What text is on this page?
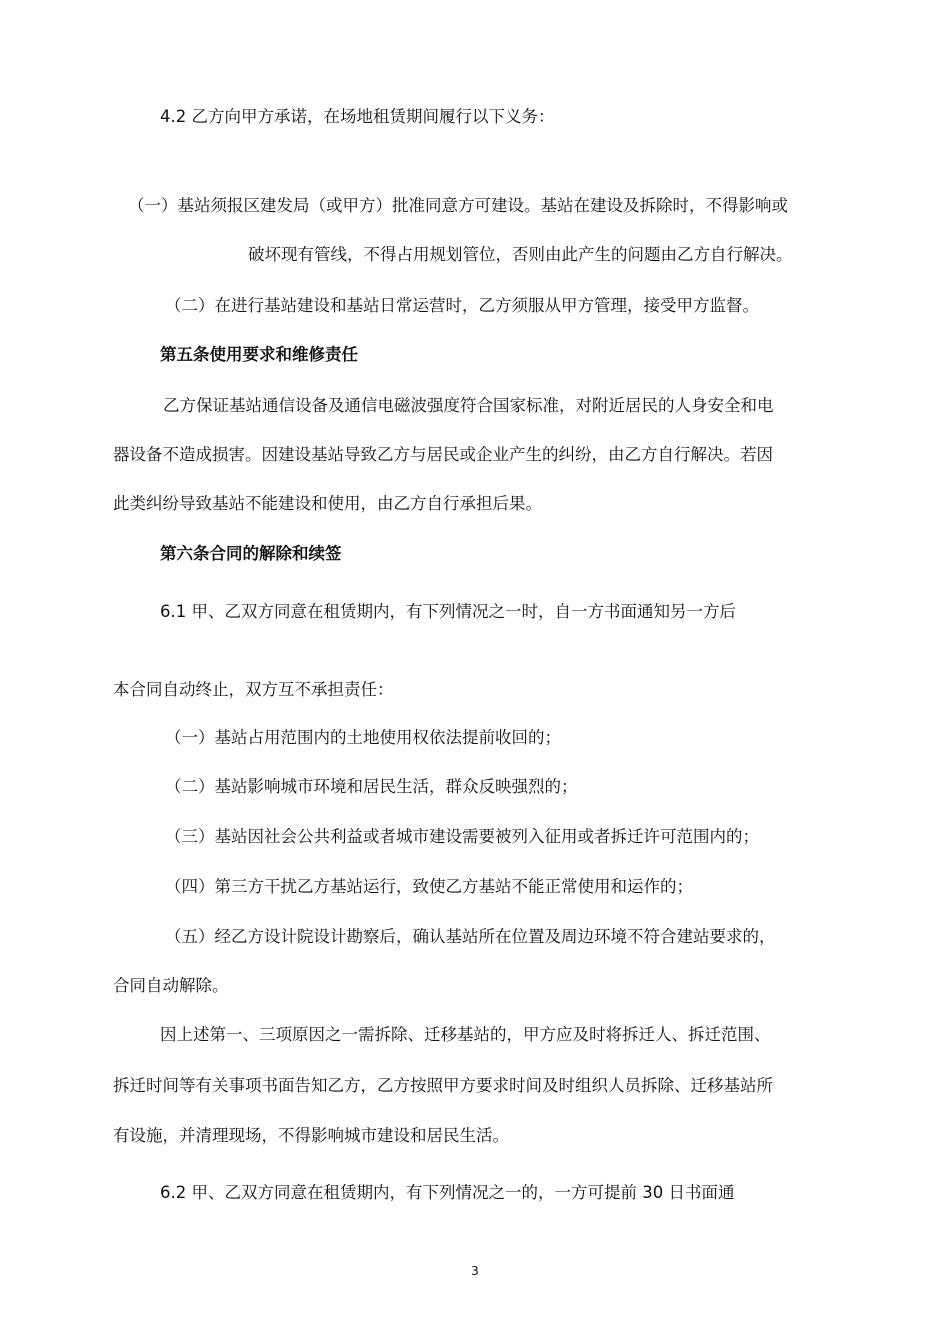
4.2 乙方向甲方承诺，在场地租赁期间履行以下义务：
（一）基站须报区建发局（或甲方）批准同意方可建设。基站在建设及拆除时，不得影响或
破坏现有管线，不得占用规划管位，否则由此产生的问题由乙方自行解决。
（二）在进行基站建设和基站日常运营时，乙方须服从甲方管理，接受甲方监督。
第五条使用要求和维修责任
乙方保证基站通信设备及通信电磁波强度符合国家标准，对附近居民的人身安全和电
器设备不造成损害。因建设基站导致乙方与居民或企业产生的纠纷，由乙方自行解决。若因
此类纠纷导致基站不能建设和使用，由乙方自行承担后果。
第六条合同的解除和续签
6.1 甲、乙双方同意在租赁期内，有下列情况之一时，自一方书面通知另一方后
本合同自动终止，双方互不承担责任：
（一）基站占用范围内的土地使用权依法提前收回的；
（二）基站影响城市环境和居民生活，群众反映强烈的；
（三）基站因社会公共利益或者城市建设需要被列入征用或者拆迁许可范围内的；
（四）第三方干扰乙方基站运行，致使乙方基站不能正常使用和运作的；
（五）经乙方设计院设计勘察后，确认基站所在位置及周边环境不符合建站要求的，
合同自动解除。
因上述第一、三项原因之一需拆除、迁移基站的，甲方应及时将拆迁人、拆迁范围、
拆迁时间等有关事项书面告知乙方，乙方按照甲方要求时间及时组织人员拆除、迁移基站所
有设施，并清理现场，不得影响城市建设和居民生活。
6.2 甲、乙双方同意在租赁期内，有下列情况之一的，一方可提前 30 日书面通
3
